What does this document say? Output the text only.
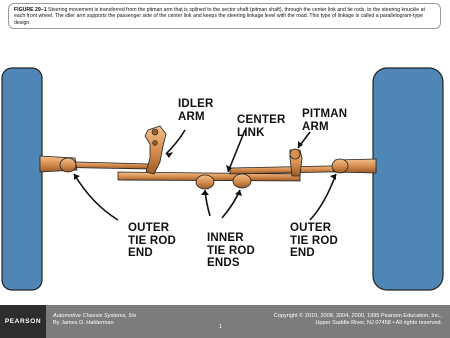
FIGURE 29–1 Steering movement is transferred from the pitman arm that is splined to the sector shaft (pitman shaft), through the center link and tie rods, to the steering knuckle at each front wheel. The idler arm supports the passenger side of the center link and keeps the steering linkage level with the road. This type of linkage is called a parallelogram-type design.
IDLER
ARM	CENTER
LINK
PITMAN
ARM
OUTER
TIE ROD
END
INNER
TIE ROD
ENDS
OUTER
TIE ROD
END
PEARSON
Automotive Chassis Systems, 5/e
By James D. Halderman
1
Copyright © 2010, 2008, 2004, 2000, 1995 Pearson Education, Inc.,
Upper Saddle River, NJ 07458 • All rights reserved.
